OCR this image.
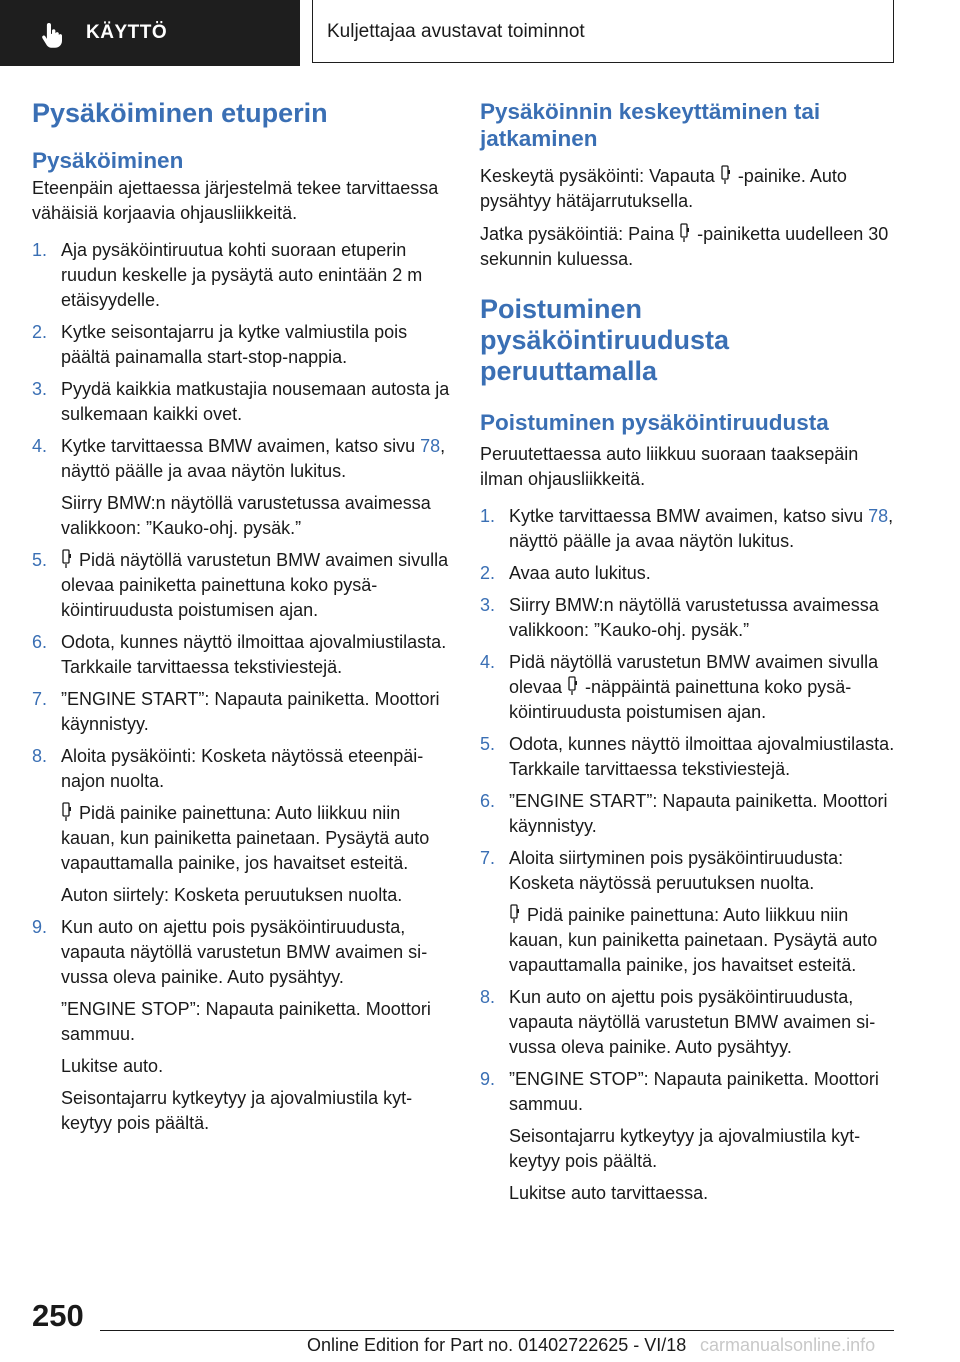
KÄYTTÖ	Kuljettajaa avustavat toiminnot
Pysäköiminen etuperin
Pysäköiminen

Eteenpäin ajettaessa järjestelmä tekee tarvittaessa vähäisiä korjaavia ohjausliikkeitä.

1. Aja pysäköintiruutua kohti suoraan etuperin ruudun keskelle ja pysäytä auto enintään 2 m etäisyydelle.
2. Kytke seisontajarru ja kytke valmiustila pois päältä painamalla start-stop-nappia.
3. Pyydä kaikkia matkustajia nousemaan autosta ja sulkemaan kaikki ovet.
4. Kytke tarvittaessa BMW avaimen, katso sivu 78, näyttö päälle ja avaa näytön lukitus.
Siirry BMW:n näytöllä varustetussa avaimessa valikkoon: ”Kauko-ohj. pysäk.”
5. Pidä näytöllä varustetun BMW avaimen sivulla olevaa painiketta painettuna koko pysäköintiruudusta poistumisen ajan.
6. Odota, kunnes näyttö ilmoittaa ajovalmiustilasta. Tarkkaile tarvittaessa tekstiviestejä.
7. ”ENGINE START”: Napauta painiketta. Moottori käynnistyy.
8. Aloita pysäköinti: Kosketa näytössä eteenpäinajon nuolta.
Pidä painike painettuna: Auto liikkuu niin kauan, kun painiketta painetaan. Pysäytä auto vapauttamalla painike, jos havaitset esteitä.
Auton siirtely: Kosketa peruutuksen nuolta.
9. Kun auto on ajettu pois pysäköintiruudusta, vapauta näytöllä varustetun BMW avaimen sivussa oleva painike. Auto pysähtyy.
”ENGINE STOP”: Napauta painiketta. Moottori sammuu.
Lukitse auto.
Seisontajarru kytkeytyy ja ajovalmiustila kytkeytyy pois päältä.
Pysäköinnin keskeyttäminen tai jatkaminen

Keskeytä pysäköinti: Vapauta -painike. Auto pysähtyy hätäjarrutuksella.

Jatka pysäköintiä: Paina -painiketta uudelleen 30 sekunnin kuluessa.

Poistuminen pysäköintiruudusta peruuttamalla
Poistuminen pysäköintiruudusta

Peruutettaessa auto liikkuu suoraan taaksepäin ilman ohjausliikkeitä.

1. Kytke tarvittaessa BMW avaimen, katso sivu 78, näyttö päälle ja avaa näytön lukitus.
2. Avaa auto lukitus.
3. Siirry BMW:n näytöllä varustetussa avaimessa valikkoon: ”Kauko-ohj. pysäk.”
4. Pidä näytöllä varustetun BMW avaimen sivulla olevaa -näppäintä painettuna koko pysäköintiruudusta poistumisen ajan.
5. Odota, kunnes näyttö ilmoittaa ajovalmiustilasta. Tarkkaile tarvittaessa tekstiviestejä.
6. ”ENGINE START”: Napauta painiketta. Moottori käynnistyy.
7. Aloita siirtyminen pois pysäköintiruudusta: Kosketa näytössä peruutuksen nuolta.
Pidä painike painettuna: Auto liikkuu niin kauan, kun painiketta painetaan. Pysäytä auto vapauttamalla painike, jos havaitset esteitä.
8. Kun auto on ajettu pois pysäköintiruudusta, vapauta näytöllä varustetun BMW avaimen sivussa oleva painike. Auto pysähtyy.
9. ”ENGINE STOP”: Napauta painiketta. Moottori sammuu.
Seisontajarru kytkeytyy ja ajovalmiustila kytkeytyy pois päältä.
Lukitse auto tarvittaessa.
250
Online Edition for Part no. 01402722625 - VI/18 carmanualsonline.info
